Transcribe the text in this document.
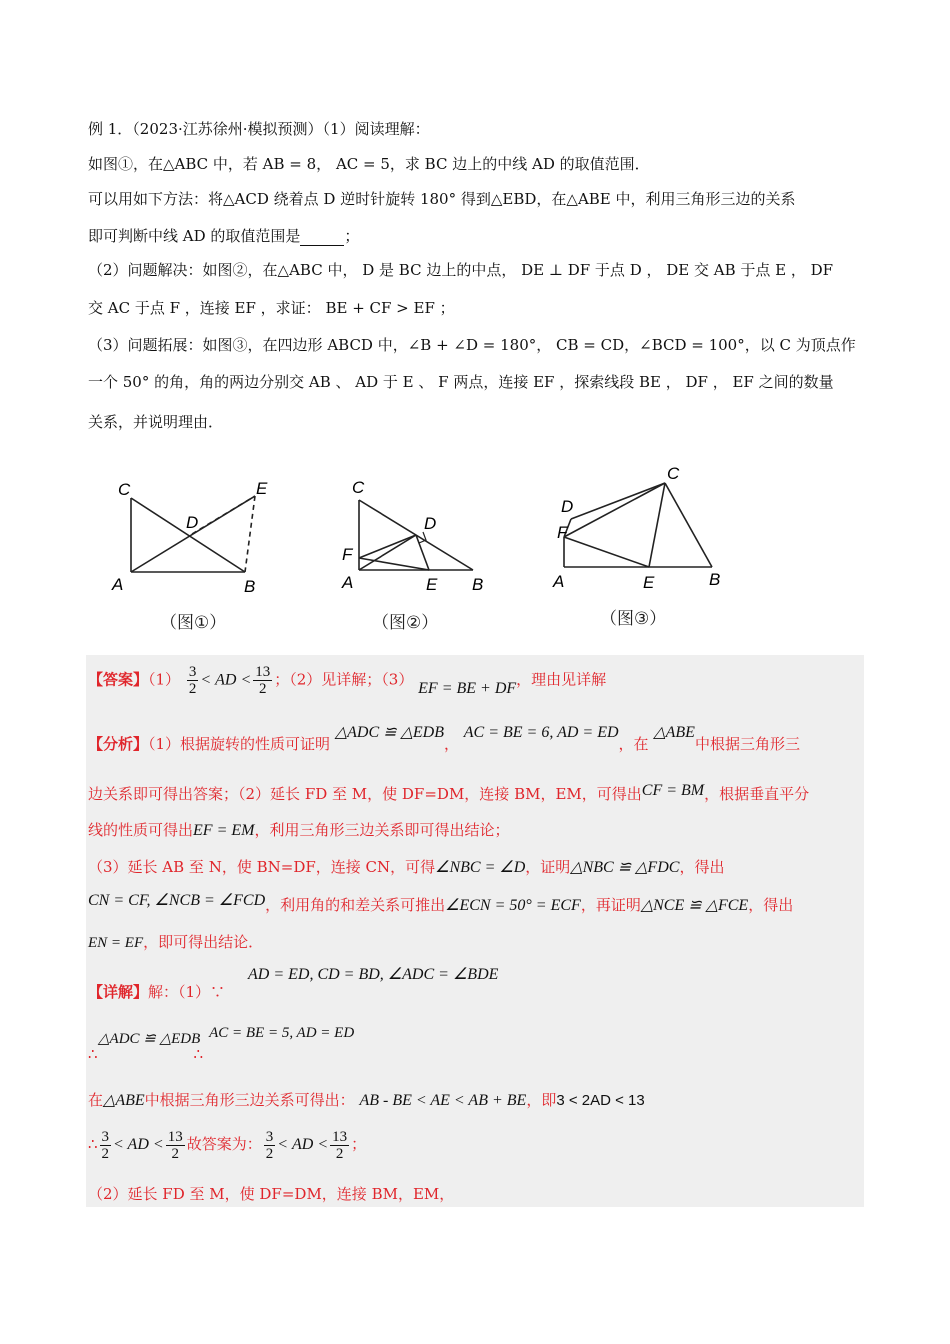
例 1．（2023·江苏徐州·模拟预测）（1）阅读理解：
如图①，在△ABC 中，若 AB = 8， AC = 5，求 BC 边上的中线 AD 的取值范围．
可以用如下方法：将△ACD 绕着点 D 逆时针旋转 180° 得到△EBD，在△ABE 中，利用三角形三边的关系
即可判断中线 AD 的取值范围是	；
（2）问题解决：如图②，在△ABC 中， D 是 BC 边上的中点， DE ⊥ DF 于点 D ， DE 交 AB 于点 E ， DF
交 AC 于点 F ，连接 EF ，求证： BE + CF > EF ；
（3）问题拓展：如图③，在四边形 ABCD 中，∠B + ∠D = 180°， CB = CD，∠BCD = 100°，以 C 为顶点作
一个 50° 的角，角的两边分别交 AB 、 AD 于 E 、 F 两点，连接 EF ，探索线段 BE ， DF ， EF 之间的数量
关系，并说明理由．
C
D
E
A	B
（图①）
C
D
F
A	E B
（图②）
C
D
F
A	E	B
（图③）
【答案】$(1) \frac{3}{2}$ < AD < $\frac{13}{2}$ ；（2）见详解；（3） EF = BE + DF，理由见详解
【分析】（1）根据旋转的性质可证明 △ADC ≌ △EDB， AC = BE = 6, AD = ED，在 △ABE中根据三角形三
边关系即可得出答案；（2）延长 FD 至 M，使 DF=DM，连接 BM，EM，可得出CF = BM，根据垂直平分
线的性质可得出EF = EM，利用三角形三边关系即可得出结论；
（3）延长 AB 至 N，使 BN=DF，连接 CN，可得∠NBC = ∠D，证明△NBC ≌ △FDC，得出
CN = CF, ∠NCB = ∠FCD，利用角的和差关系可推出∠ECN = 50° = ECF，再证明△NCE ≌ △FCE，得出
EN = EF，即可得出结论．
AD = ED, CD = BD, ∠ADC = ∠BDE
【详解】解：（1）∵
△ADC ≌ △EDB AC = BE = 5, AD = ED
∴	∴
在△ABE中根据三角形三边关系可得出： AB - BE < AE < AB + BE，即3 < 2AD < 13
∴ $\frac{3}{2}$ < AD < $\frac{13}{2}$ 故答案为： $\frac{3}{2}$ < AD < $\frac{13}{2}$ ；
（2）延长 FD 至 M，使 DF=DM，连接 BM，EM，
